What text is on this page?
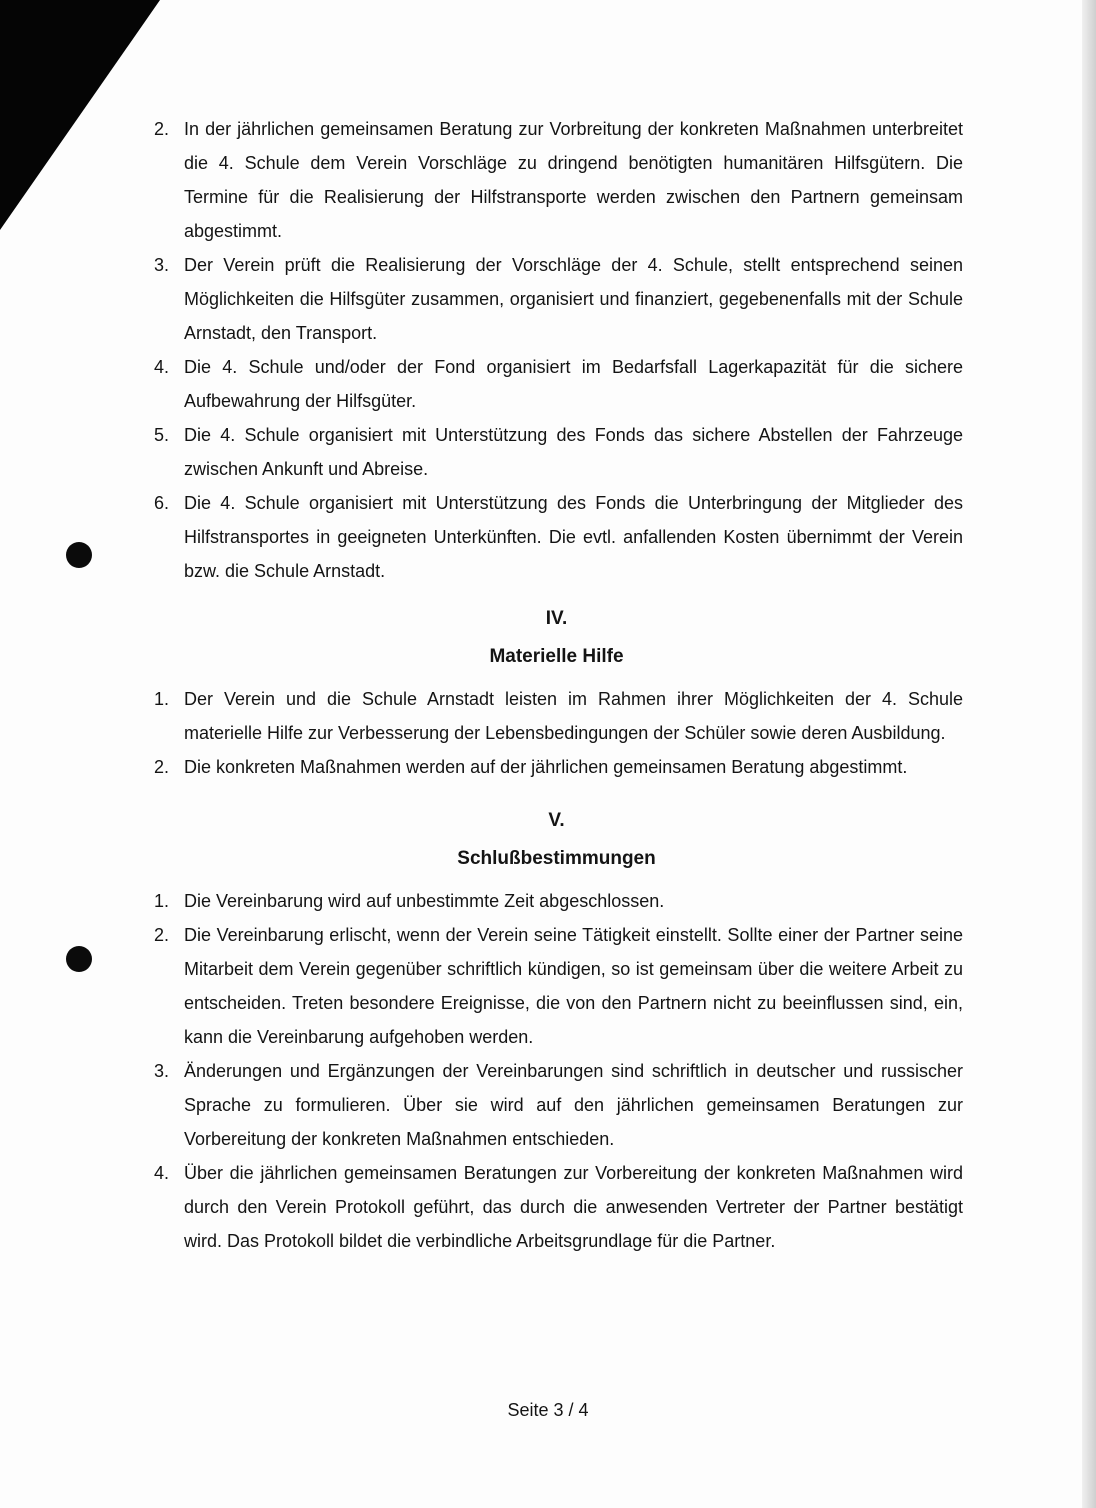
2. In der jährlichen gemeinsamen Beratung zur Vorbreitung der konkreten Maßnahmen unterbreitet die 4. Schule dem Verein Vorschläge zu dringend benötigten humanitären Hilfsgütern. Die Termine für die Realisierung der Hilfstransporte werden zwischen den Partnern gemeinsam abgestimmt.
3. Der Verein prüft die Realisierung der Vorschläge der 4. Schule, stellt entsprechend seinen Möglichkeiten die Hilfsgüter zusammen, organisiert und finanziert, gegebenenfalls mit der Schule Arnstadt, den Transport.
4. Die 4. Schule und/oder der Fond organisiert im Bedarfsfall Lagerkapazität für die sichere Aufbewahrung der Hilfsgüter.
5. Die 4. Schule organisiert mit Unterstützung des Fonds das sichere Abstellen der Fahrzeuge zwischen Ankunft und Abreise.
6. Die 4. Schule organisiert mit Unterstützung des Fonds die Unterbringung der Mitglieder des Hilfstransportes in geeigneten Unterkünften. Die evtl. anfallenden Kosten übernimmt der Verein bzw. die Schule Arnstadt.
IV.
Materielle Hilfe
1. Der Verein und die Schule Arnstadt leisten im Rahmen ihrer Möglichkeiten der 4. Schule materielle Hilfe zur Verbesserung der Lebensbedingungen der Schüler sowie deren Ausbildung.
2. Die konkreten Maßnahmen werden auf der jährlichen gemeinsamen Beratung abgestimmt.
V.
Schlußbestimmungen
1. Die Vereinbarung wird auf unbestimmte Zeit abgeschlossen.
2. Die Vereinbarung erlischt, wenn der Verein seine Tätigkeit einstellt. Sollte einer der Partner seine Mitarbeit dem Verein gegenüber schriftlich kündigen, so ist gemeinsam über die weitere Arbeit zu entscheiden. Treten besondere Ereignisse, die von den Partnern nicht zu beeinflussen sind, ein, kann die Vereinbarung aufgehoben werden.
3. Änderungen und Ergänzungen der Vereinbarungen sind schriftlich in deutscher und russischer Sprache zu formulieren. Über sie wird auf den jährlichen gemeinsamen Beratungen zur Vorbereitung der konkreten Maßnahmen entschieden.
4. Über die jährlichen gemeinsamen Beratungen zur Vorbereitung der konkreten Maßnahmen wird durch den Verein Protokoll geführt, das durch die anwesenden Vertreter der Partner bestätigt wird. Das Protokoll bildet die verbindliche Arbeitsgrundlage für die Partner.
Seite 3 / 4
